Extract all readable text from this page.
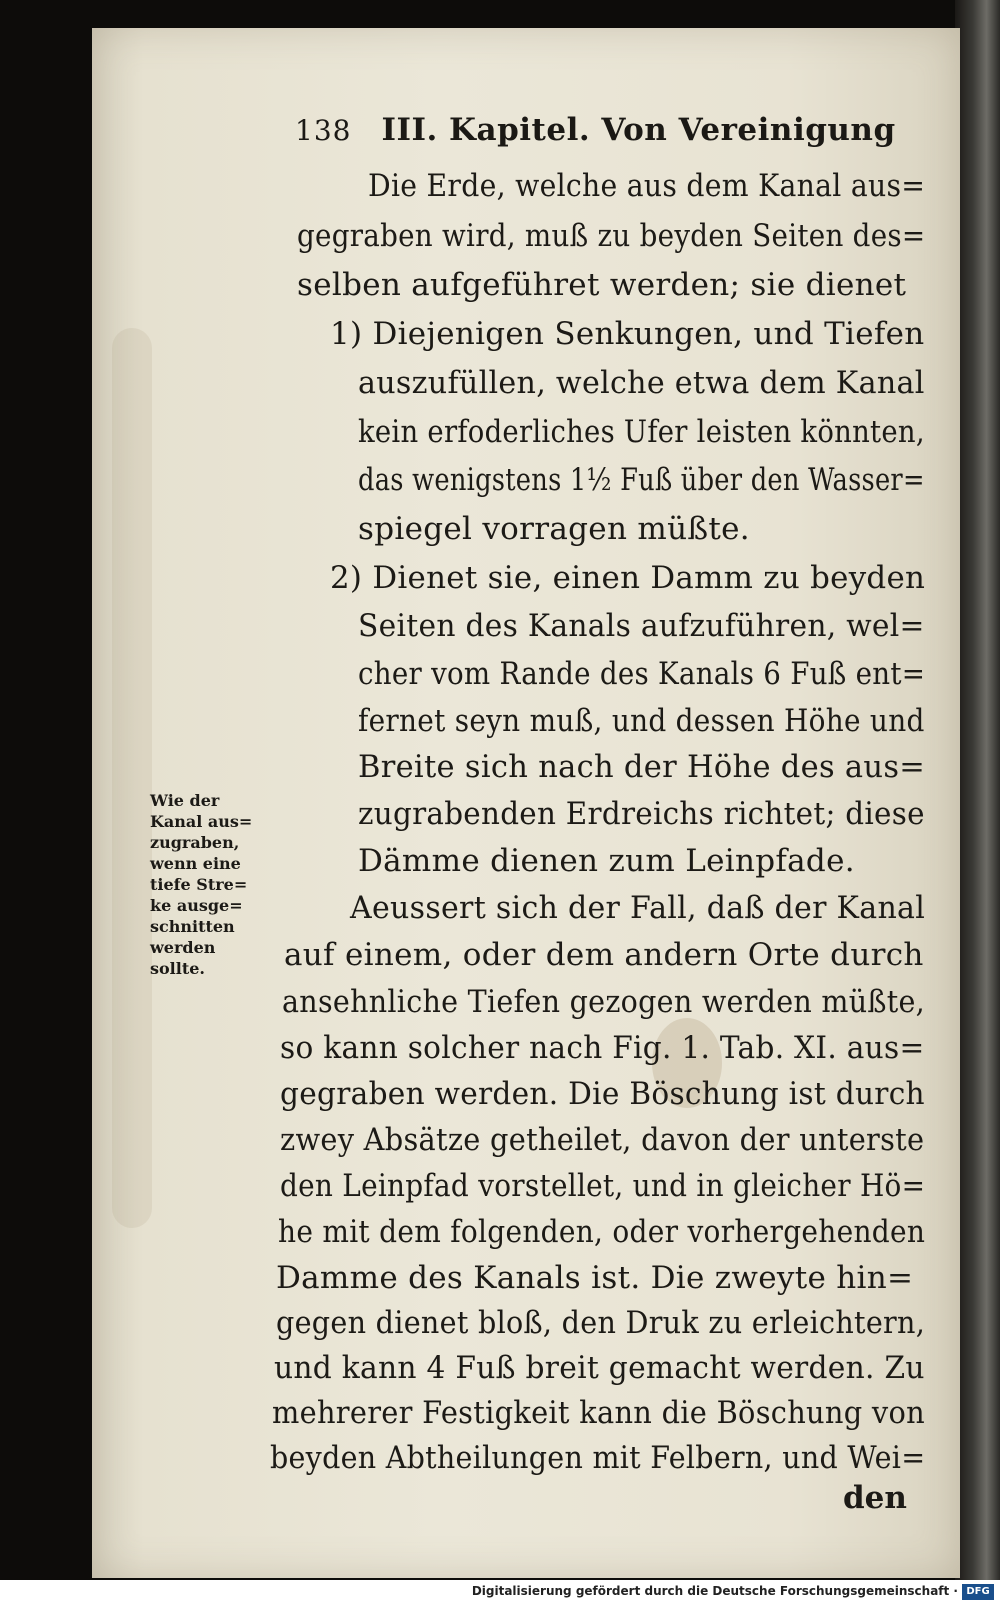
138 III. Kapitel. Von Vereinigung
Die Erde, welche aus dem Kanal aus=
gegraben wird, muß zu beyden Seiten des=
selben aufgeführet werden; sie dienet
1) Diejenigen Senkungen, und Tiefen
auszufüllen, welche etwa dem Kanal
kein erfoderliches Ufer leisten könnten,
das wenigstens 1½ Fuß über den Wasser=
spiegel vorragen müßte.
2) Dienet sie, einen Damm zu beyden
Seiten des Kanals aufzuführen, wel=
cher vom Rande des Kanals 6 Fuß ent=
fernet seyn muß, und dessen Höhe und
Breite sich nach der Höhe des aus=
zugrabenden Erdreichs richtet; diese
Dämme dienen zum Leinpfade.
Aeussert sich der Fall, daß der Kanal
auf einem, oder dem andern Orte durch
ansehnliche Tiefen gezogen werden müßte,
so kann solcher nach Fig. 1. Tab. XI. aus=
gegraben werden. Die Böschung ist durch
zwey Absätze getheilet, davon der unterste
den Leinpfad vorstellet, und in gleicher Hö=
he mit dem folgenden, oder vorhergehenden
Damme des Kanals ist. Die zweyte hin=
gegen dienet bloß, den Druk zu erleichtern,
und kann 4 Fuß breit gemacht werden. Zu
mehrerer Festigkeit kann die Böschung von
beyden Abtheilungen mit Felbern, und Wei=
Wie der
Kanal aus=
zugraben,
wenn eine
tiefe Stre=
ke ausge=
schnitten
werden
sollte.
den
Digitalisierung gefördert durch die Deutsche Forschungsgemeinschaft · DFG
